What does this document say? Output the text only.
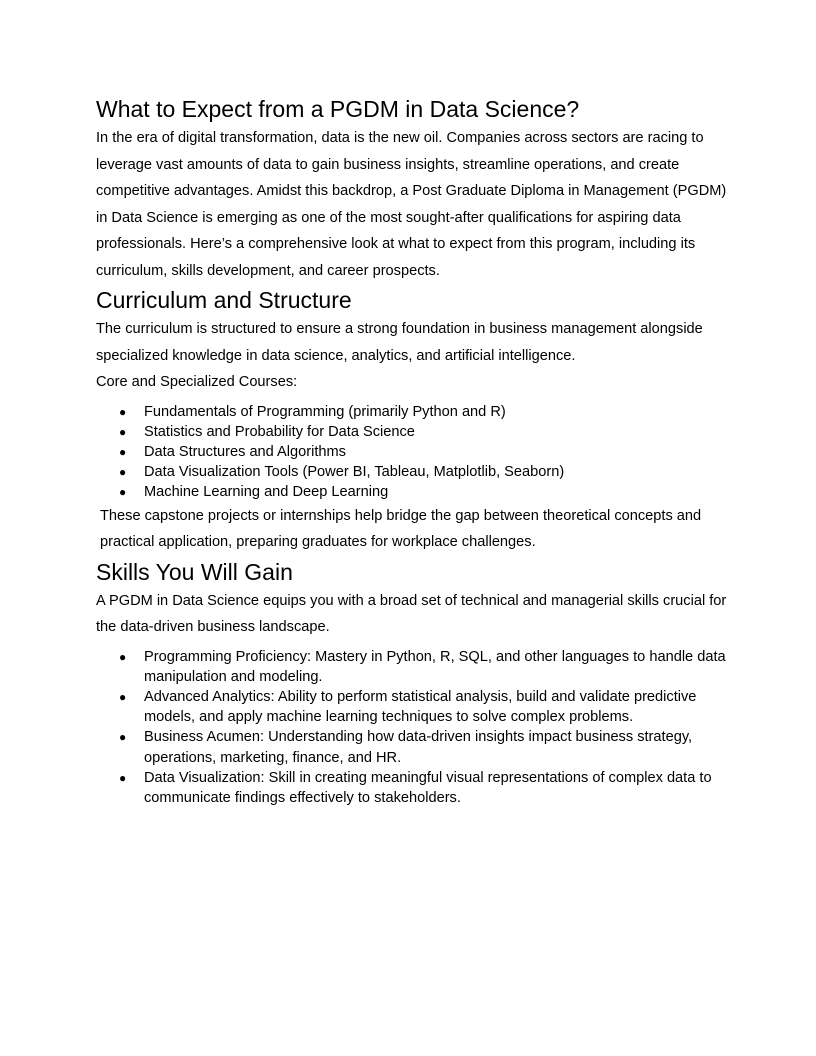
What to Expect from a PGDM in Data Science?

In the era of digital transformation, data is the new oil. Companies across sectors are racing to leverage vast amounts of data to gain business insights, streamline operations, and create competitive advantages. Amidst this backdrop, a Post Graduate Diploma in Management (PGDM) in Data Science is emerging as one of the most sought-after qualifications for aspiring data professionals. Here’s a comprehensive look at what to expect from this program, including its curriculum, skills development, and career prospects.

Curriculum and Structure

The curriculum is structured to ensure a strong foundation in business management alongside specialized knowledge in data science, analytics, and artificial intelligence.

Core and Specialized Courses:

● Fundamentals of Programming (primarily Python and R)
● Statistics and Probability for Data Science
● Data Structures and Algorithms
● Data Visualization Tools (Power BI, Tableau, Matplotlib, Seaborn)
● Machine Learning and Deep Learning

These capstone projects or internships help bridge the gap between theoretical concepts and practical application, preparing graduates for workplace challenges.

Skills You Will Gain

A PGDM in Data Science equips you with a broad set of technical and managerial skills crucial for the data-driven business landscape.

● Programming Proficiency: Mastery in Python, R, SQL, and other languages to handle data manipulation and modeling.
● Advanced Analytics: Ability to perform statistical analysis, build and validate predictive models, and apply machine learning techniques to solve complex problems.
● Business Acumen: Understanding how data-driven insights impact business strategy, operations, marketing, finance, and HR.
● Data Visualization: Skill in creating meaningful visual representations of complex data to communicate findings effectively to stakeholders.
